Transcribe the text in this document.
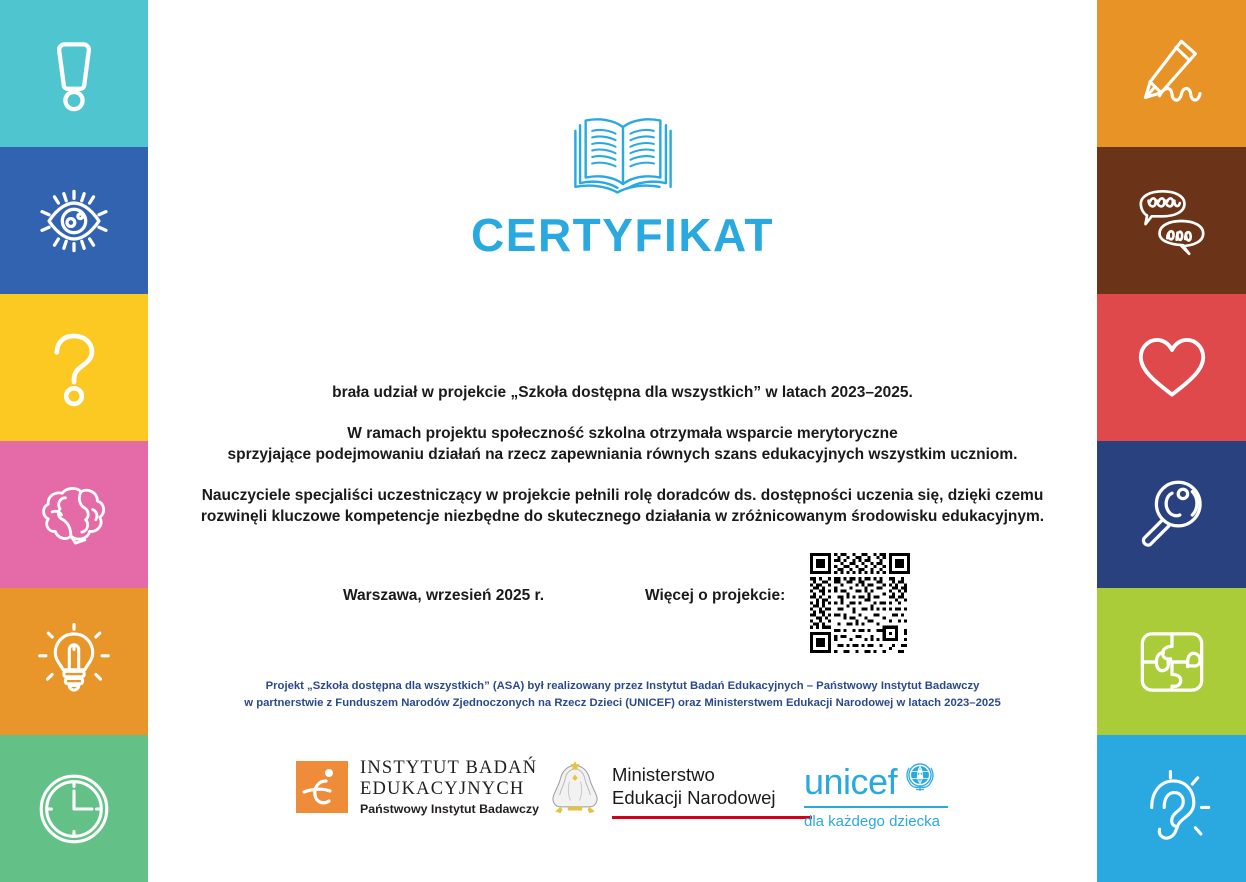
CERTYFIKAT
brała udział w projekcie „Szkoła dostępna dla wszystkich” w latach 2023–2025.
W ramach projektu społeczność szkolna otrzymała wsparcie merytoryczne
sprzyjające podejmowaniu działań na rzecz zapewniania równych szans edukacyjnych wszystkim uczniom.
Nauczyciele specjaliści uczestniczący w projekcie pełnili rolę doradców ds. dostępności uczenia się, dzięki czemu
rozwinęli kluczowe kompetencje niezbędne do skutecznego działania w zróżnicowanym środowisku edukacyjnym.
Warszawa, wrzesień 2025 r.	Więcej o projekcie:
Projekt „Szkoła dostępna dla wszystkich” (ASA) był realizowany przez Instytut Badań Edukacyjnych – Państwowy Instytut Badawczy
w partnerstwie z Funduszem Narodów Zjednoczonych na Rzecz Dzieci (UNICEF) oraz Ministerstwem Edukacji Narodowej w latach 2023–2025
INSTYTUT BADAŃ
EDUKACYJNYCH
Państwowy Instytut Badawczy
Ministerstwo
Edukacji Narodowej unicef
dla każdego dziecka
